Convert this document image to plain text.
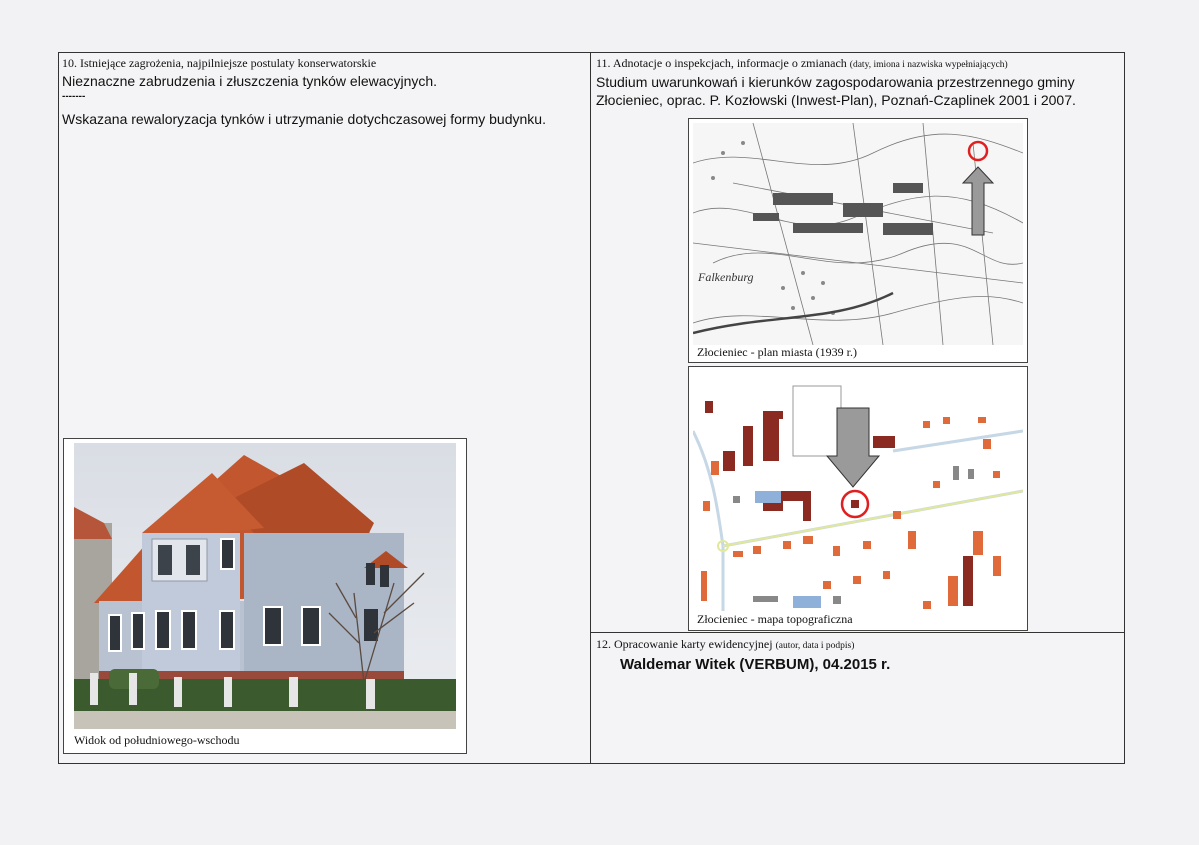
10. Istniejące zagrożenia, najpilniejsze postulaty konserwatorskie
Nieznaczne zabrudzenia i złuszczenia tynków elewacyjnych.
-------
Wskazana rewaloryzacja tynków i utrzymanie dotychczasowej formy budynku.
Widok od południowego-wschodu
11. Adnotacje o inspekcjach, informacje o zmianach (daty, imiona i nazwiska wypełniających)
Studium uwarunkowań i kierunków zagospodarowania przestrzennego gminy
Złocieniec, oprac. P. Kozłowski (Inwest-Plan), Poznań-Czaplinek 2001 i 2007.
Falkenburg
Złocieniec - plan miasta (1939 r.)
Złocieniec - mapa topograficzna
12. Opracowanie karty ewidencyjnej (autor, data i podpis)
Waldemar Witek (VERBUM), 04.2015 r.
